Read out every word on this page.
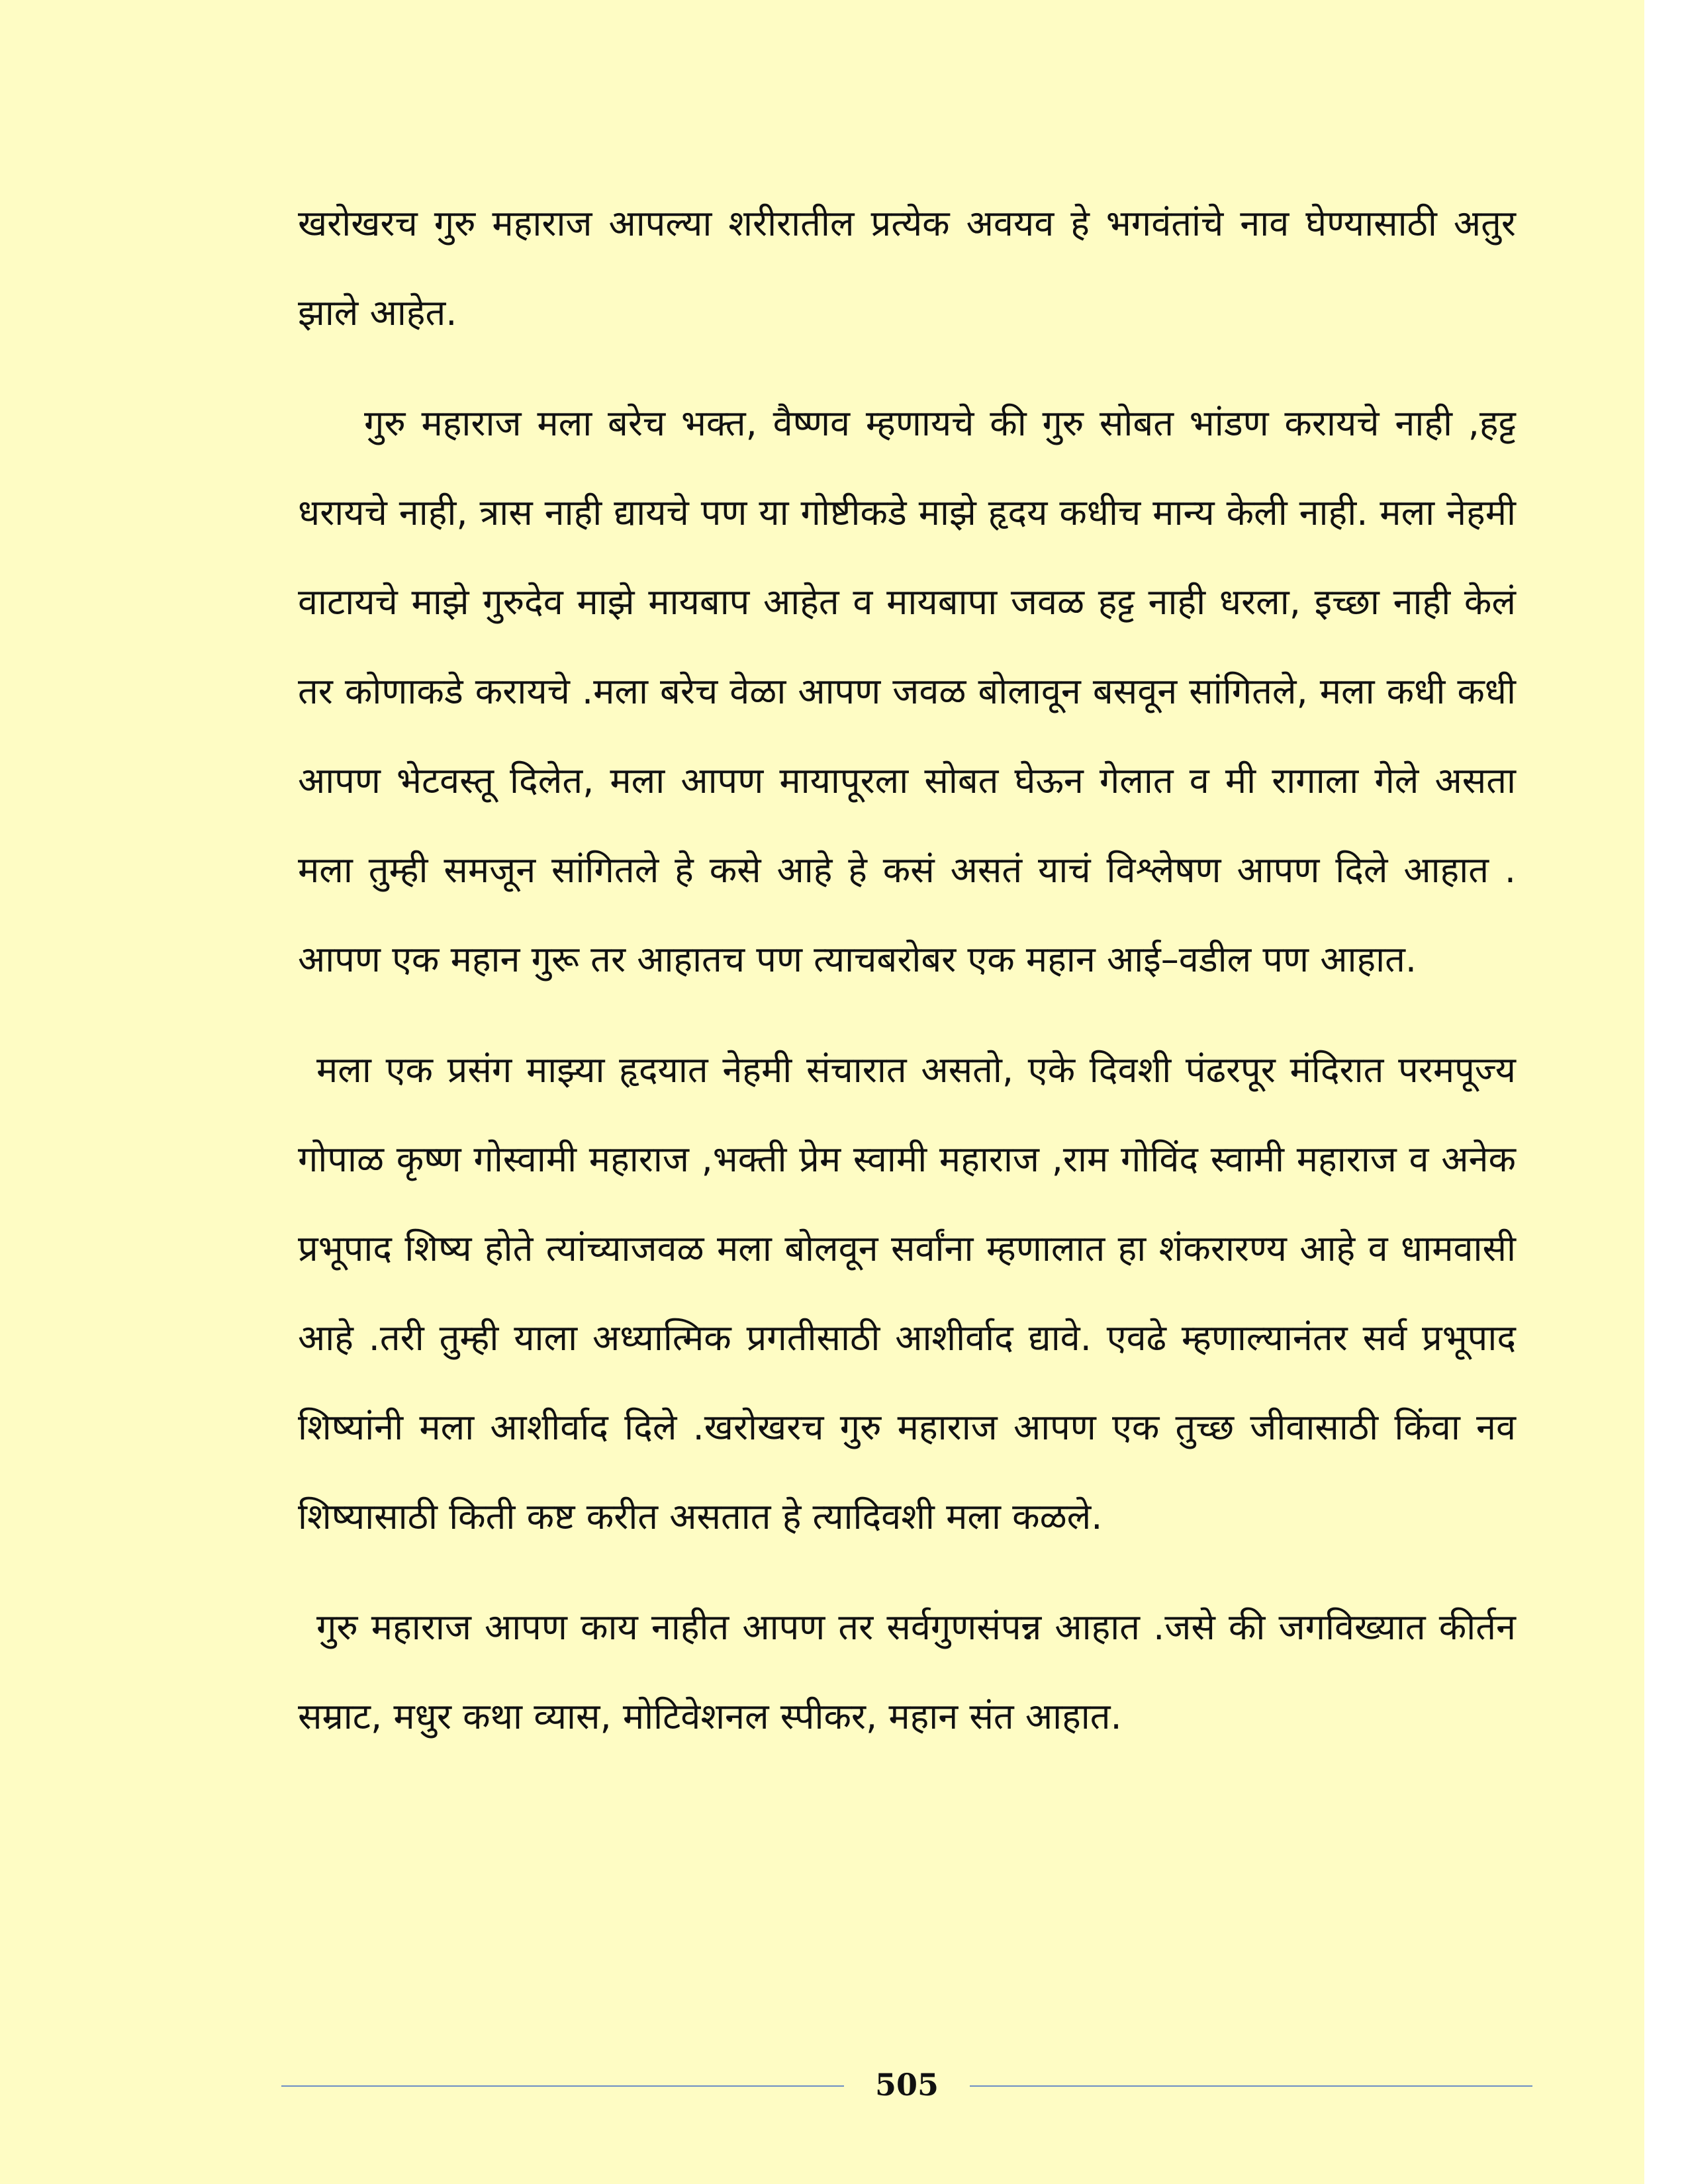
खरोखरच गुरु महाराज आपल्या शरीरातील प्रत्येक अवयव हे भगवंतांचे नाव घेण्यासाठी अतुर झाले आहेत.

गुरु महाराज मला बरेच भक्त, वैष्णव म्हणायचे की गुरु सोबत भांडण करायचे नाही ,हट्ट धरायचे नाही, त्रास नाही द्यायचे पण या गोष्टीकडे माझे हृदय कधीच मान्य केली नाही. मला नेहमी वाटायचे माझे गुरुदेव माझे मायबाप आहेत व मायबापा जवळ हट्ट नाही धरला, इच्छा नाही केलं तर कोणाकडे करायचे .मला बरेच वेळा आपण जवळ बोलावून बसवून सांगितले, मला कधी कधी आपण भेटवस्तू दिलेत, मला आपण मायापूरला सोबत घेऊन गेलात व मी रागाला गेले असता मला तुम्ही समजून सांगितले हे कसे आहे हे कसं असतं याचं विश्लेषण आपण दिले आहात . आपण एक महान गुरू तर आहातच पण त्याचबरोबर एक महान आई–वडील पण आहात.

मला एक प्रसंग माझ्या हृदयात नेहमी संचारात असतो, एके दिवशी पंढरपूर मंदिरात परमपूज्य गोपाळ कृष्ण गोस्वामी महाराज ,भक्ती प्रेम स्वामी महाराज ,राम गोविंद स्वामी महाराज व अनेक प्रभूपाद शिष्य होते त्यांच्याजवळ मला बोलवून सर्वांना म्हणालात हा शंकरारण्य आहे व धामवासी आहे .तरी तुम्ही याला अध्यात्मिक प्रगतीसाठी आशीर्वाद द्यावे. एवढे म्हणाल्यानंतर सर्व प्रभूपाद शिष्यांनी मला आशीर्वाद दिले .खरोखरच गुरु महाराज आपण एक तुच्छ जीवासाठी किंवा नव शिष्यासाठी किती कष्ट करीत असतात हे त्यादिवशी मला कळले.

गुरु महाराज आपण काय नाहीत आपण तर सर्वगुणसंपन्न आहात .जसे की जगविख्यात कीर्तन सम्राट, मधुर कथा व्यास, मोटिवेशनल स्पीकर, महान संत आहात.

505
